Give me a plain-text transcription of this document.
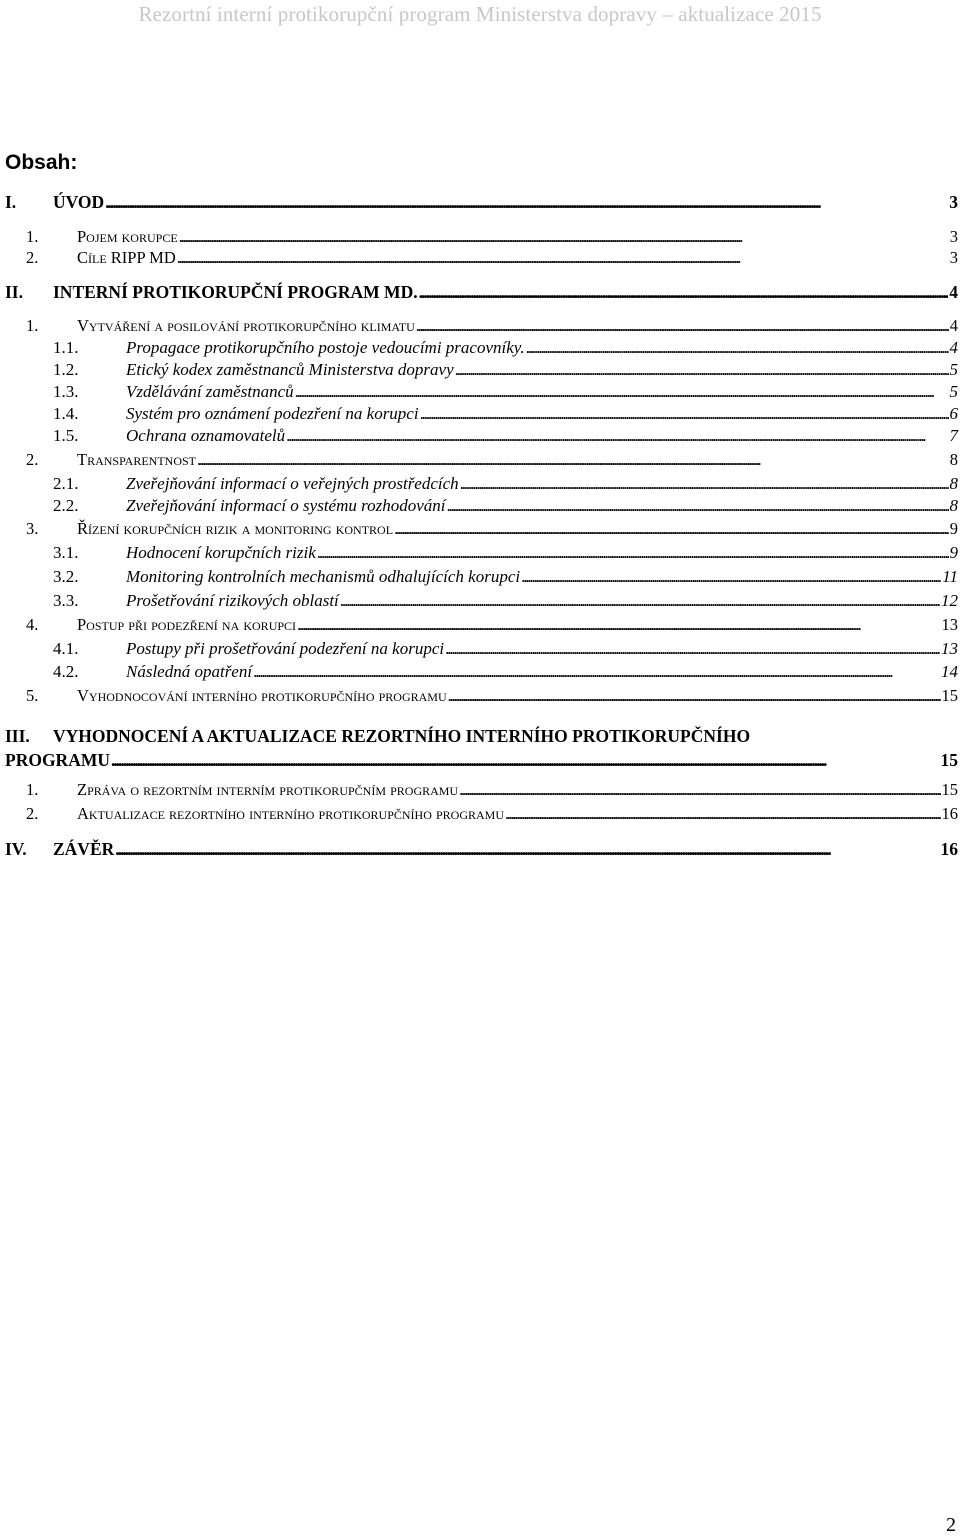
Rezortní interní protikorupční program Ministerstva dopravy – aktualizace 2015
Obsah:
I. ÚVOD . . .	3
1. Pojem korupce . . .	3
2. Cíle RIPP MD . . .	3
II. INTERNÍ PROTIKORUPČNÍ PROGRAM MD. . . .	4
1. Vytváření a posilování protikorupčního klimatu . . .	4
1.1.	Propagace protikorupčního postoje vedoucími pracovníky. . . .	4
1.2.	Etický kodex zaměstnanců Ministerstva dopravy . . .	5
1.3.	Vzdělávání zaměstnanců . . .	5
1.4.	Systém pro oznámení podezření na korupci . . .	6
1.5.	Ochrana oznamovatelů . . .	7
2. Transparentnost . . .	8
2.1.	Zveřejňování informací o veřejných prostředcích . . .	8
2.2.	Zveřejňování informací o systému rozhodování . . .	8
3. Řízení korupčních rizik a monitoring kontrol . . .	9
3.1.	Hodnocení korupčních rizik . . .	9
3.2.	Monitoring kontrolních mechanismů odhalujících korupci . . .	11
3.3.	Prošetřování rizikových oblastí . . .	12
4. Postup při podezření na korupci . . .	13
4.1.	Postupy při prošetřování podezření na korupci . . .	13
4.2.	Následná opatření . . .	14
5. Vyhodnocování interního protikorupčního programu . . .	15
III. VYHODNOCENÍ A AKTUALIZACE REZORTNÍHO INTERNÍHO PROTIKORUPČNÍHO
PROGRAMU . . .	15
1. Zpráva o rezortním interním protikorupčním programu . . .	15
2. Aktualizace rezortního interního protikorupčního programu . . .	16
IV. ZÁVĚR . . .	16
2
